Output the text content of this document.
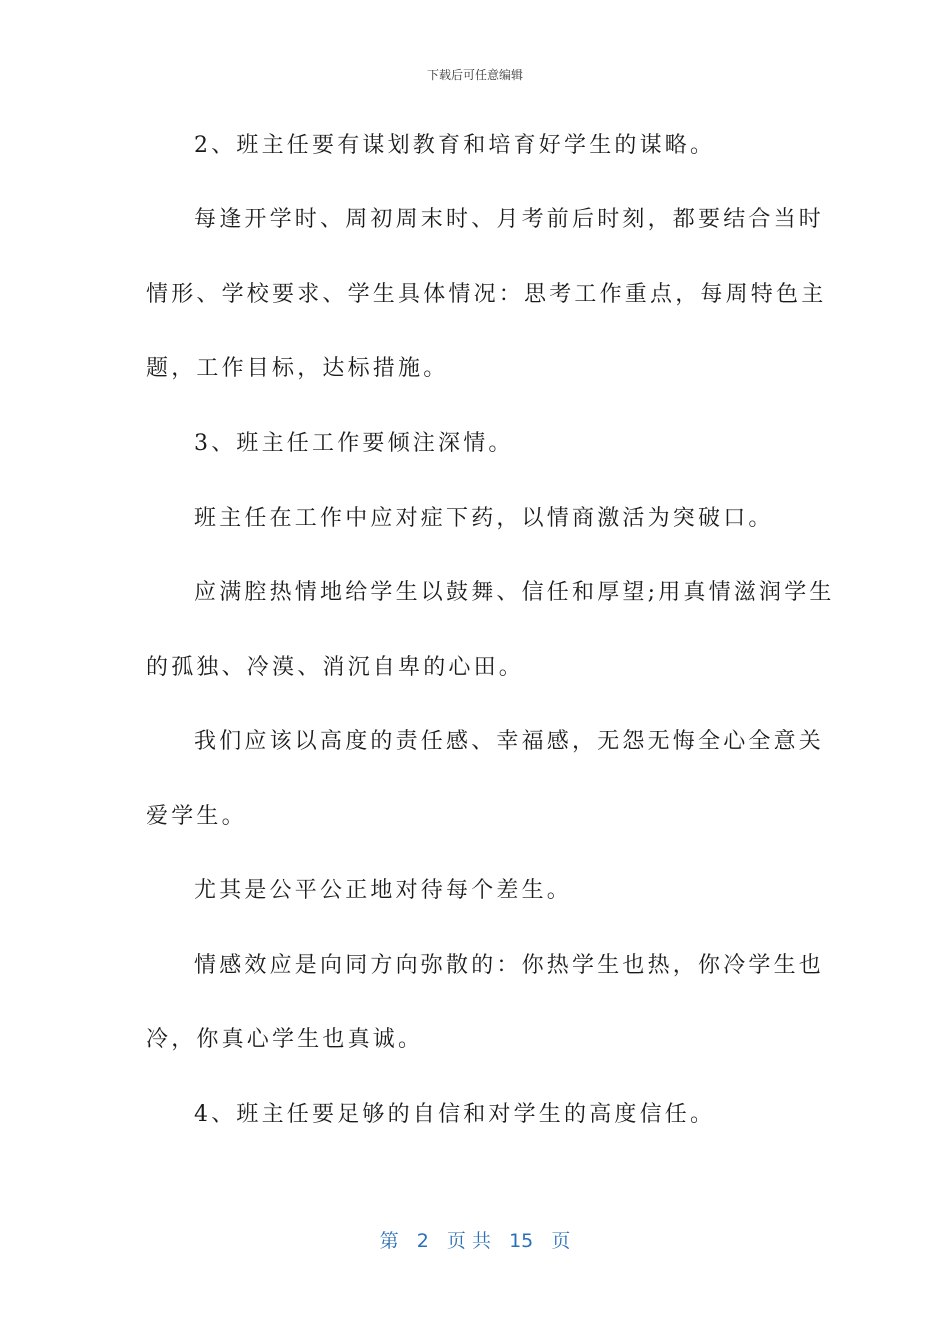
下载后可任意编辑
2、班主任要有谋划教育和培育好学生的谋略。
每逢开学时、周初周末时、月考前后时刻，都要结合当时
情形、学校要求、学生具体情况：思考工作重点，每周特色主
题，工作目标，达标措施。
3、班主任工作要倾注深情。
班主任在工作中应对症下药，以情商激活为突破口。
应满腔热情地给学生以鼓舞、信任和厚望;用真情滋润学生
的孤独、冷漠、消沉自卑的心田。
我们应该以高度的责任感、幸福感，无怨无悔全心全意关
爱学生。
尤其是公平公正地对待每个差生。
情感效应是向同方向弥散的：你热学生也热，你冷学生也
冷，你真心学生也真诚。
4、班主任要足够的自信和对学生的高度信任。
第 2 页 共 15 页
